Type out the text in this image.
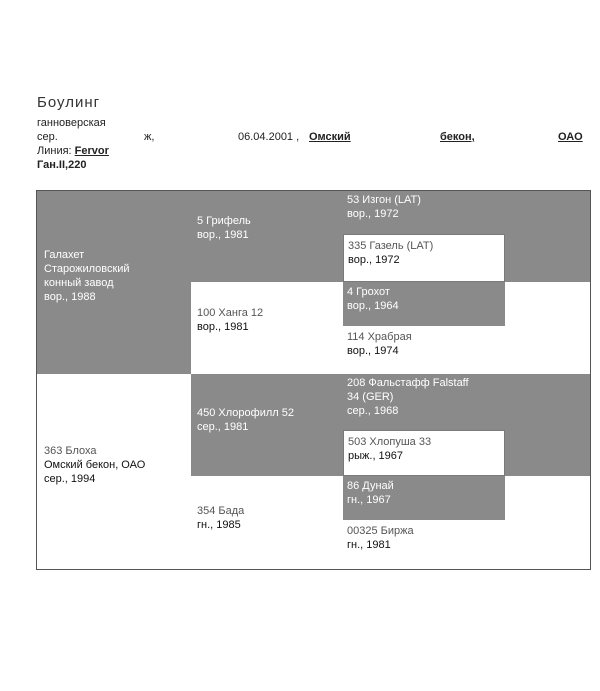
Боулинг
ганноверская
сер.	ж,	06.04.2001 , Омский	бекон,	ОАО
Линия: Fervor
Ган.II,220
Галахет
Старожиловский
конный завод
вор., 1988
363 Блоха
Омский бекон, ОАО
сер., 1994
5 Грифель
вор., 1981
100 Ханга 12
вор., 1981
450 Хлорофилл 52
сер., 1981
354 Бада
гн., 1985
53 Изгон (LAT)
вор., 1972
335 Газель (LAT)
вор., 1972
4 Грохот
вор., 1964
114 Храбрая
вор., 1974
208 Фальстафф Falstaff
34 (GER)
сер., 1968
503 Хлопуша 33
рыж., 1967
86 Дунай
гн., 1967
00325 Биржа
гн., 1981
